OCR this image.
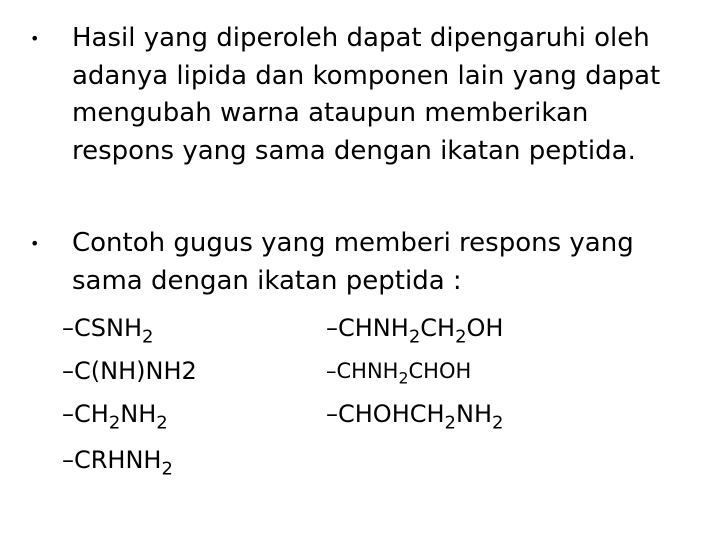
•	Hasil yang diperoleh dapat dipengaruhi oleh adanya lipida dan komponen lain yang dapat mengubah warna ataupun memberikan respons yang sama dengan ikatan peptida.
•	Contoh gugus yang memberi respons yang sama dengan ikatan peptida :
$-CSNH_2$
–C(NH)NH2
$-CH_2NH_2$
$-CRHNH_2$
$-CHNH_2CH_2OH$
$-CHNH_2CHOH$
$-CHOHCH_2NH_2$
